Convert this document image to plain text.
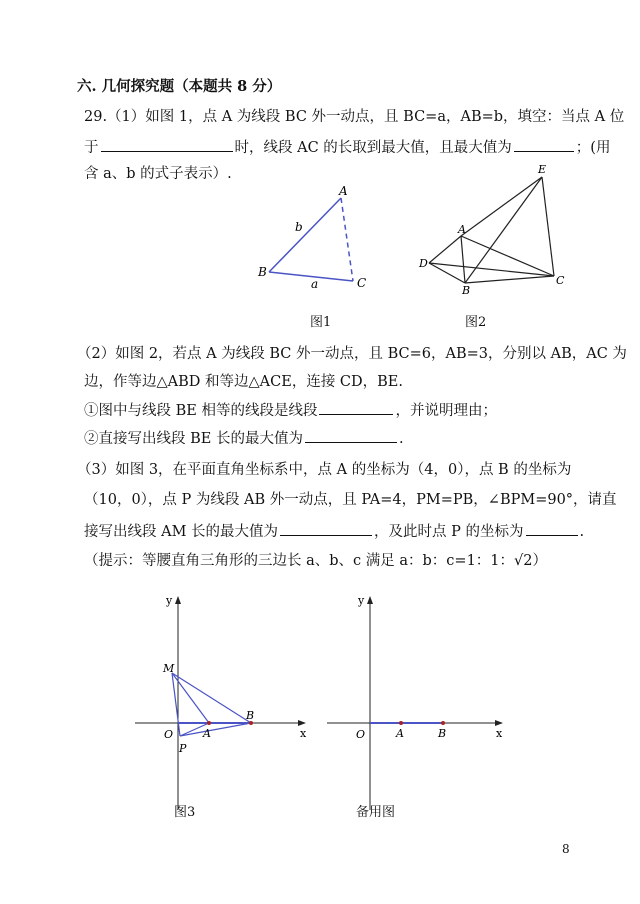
六. 几何探究题（本题共 8 分）
29.（1）如图 1，点 A 为线段 BC 外一动点，且 BC=a，AB=b，填空：当点 A 位
于	时，线段 AC 的长取到最大值，且最大值为	；(用
含 a、b 的式子表示）.
A
B
C
b
a
图1
E
A
D
B
C
图2
（2）如图 2，若点 A 为线段 BC 外一动点，且 BC=6，AB=3，分别以 AB，AC 为
边，作等边△ABD 和等边△ACE，连接 CD，BE.
①图中与线段 BE 相等的线段是线段	，并说明理由；
②直接写出线段 BE 长的最大值为	.
（3）如图 3，在平面直角坐标系中，点 A 的坐标为（4，0），点 B 的坐标为
（10，0），点 P 为线段 AB 外一动点，且 PA=4，PM=PB，∠BPM=90°，请直
接写出线段 AM 长的最大值为	，及此时点 P 的坐标为	.
（提示：等腰直角三角形的三边长 a、b、c 满足 a：b：c=1：1：√2）
y
x
O
M
A
B
P
图3
y
x
O	A	B
备用图
8
